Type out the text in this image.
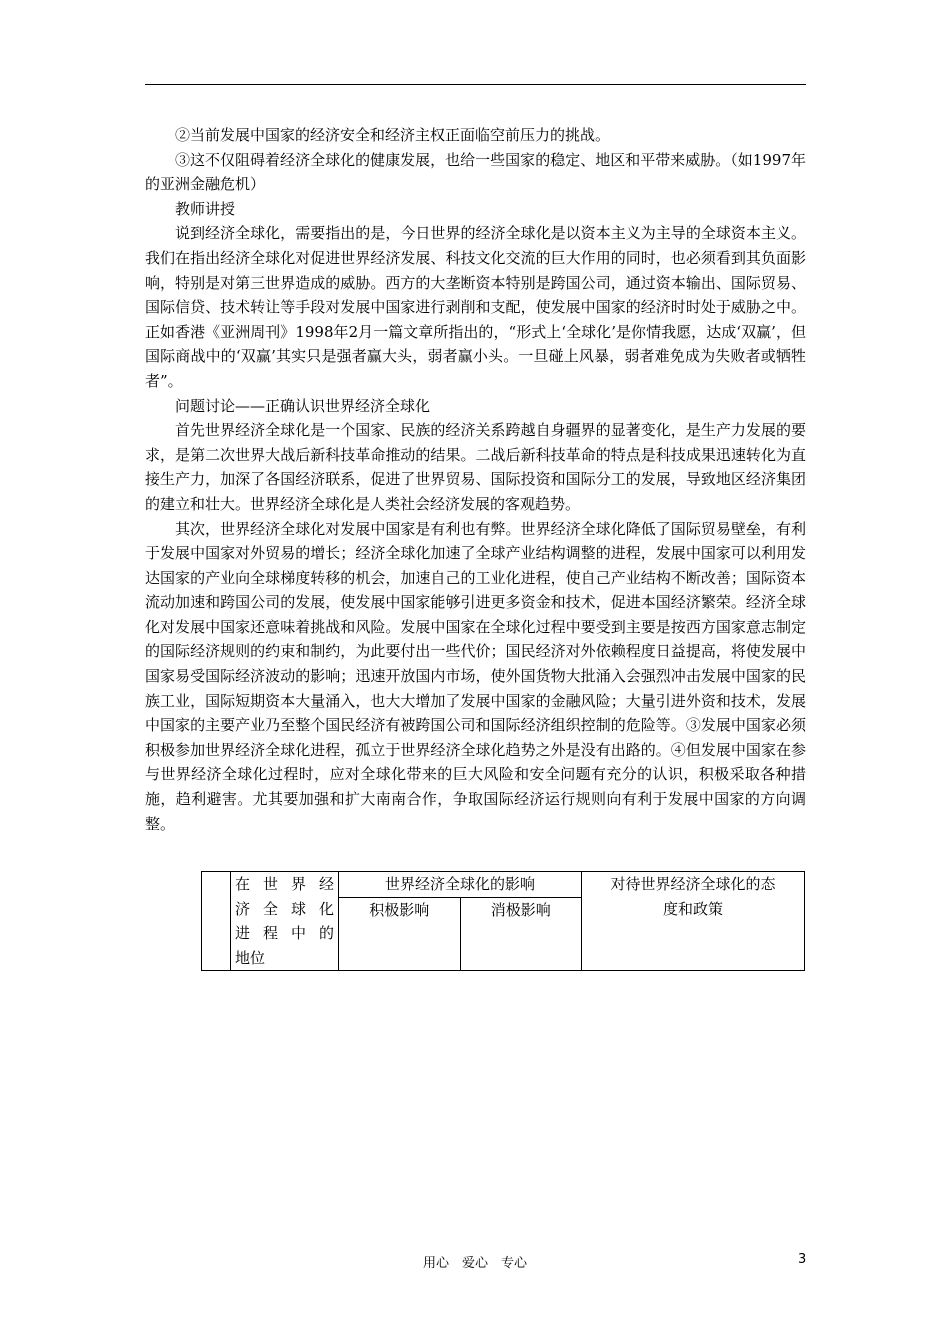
②当前发展中国家的经济安全和经济主权正面临空前压力的挑战。

③这不仅阻碍着经济全球化的健康发展，也给一些国家的稳定、地区和平带来威胁。（如1997年的亚洲金融危机）

教师讲授

说到经济全球化，需要指出的是，今日世界的经济全球化是以资本主义为主导的全球资本主义。我们在指出经济全球化对促进世界经济发展、科技文化交流的巨大作用的同时，也必须看到其负面影响，特别是对第三世界造成的威胁。西方的大垄断资本特别是跨国公司，通过资本输出、国际贸易、国际信贷、技术转让等手段对发展中国家进行剥削和支配，使发展中国家的经济时时处于威胁之中。正如香港《亚洲周刊》1998年2月一篇文章所指出的，“形式上‘全球化’是你情我愿，达成‘双赢’，但国际商战中的‘双赢’其实只是强者赢大头，弱者赢小头。一旦碰上风暴，弱者难免成为失败者或牺牲者”。

问题讨论——正确认识世界经济全球化

首先世界经济全球化是一个国家、民族的经济关系跨越自身疆界的显著变化，是生产力发展的要求，是第二次世界大战后新科技革命推动的结果。二战后新科技革命的特点是科技成果迅速转化为直接生产力，加深了各国经济联系，促进了世界贸易、国际投资和国际分工的发展，导致地区经济集团的建立和壮大。世界经济全球化是人类社会经济发展的客观趋势。

其次，世界经济全球化对发展中国家是有利也有弊。世界经济全球化降低了国际贸易壁垒，有利于发展中国家对外贸易的增长；经济全球化加速了全球产业结构调整的进程，发展中国家可以利用发达国家的产业向全球梯度转移的机会，加速自己的工业化进程，使自己产业结构不断改善；国际资本流动加速和跨国公司的发展，使发展中国家能够引进更多资金和技术，促进本国经济繁荣。经济全球化对发展中国家还意味着挑战和风险。发展中国家在全球化过程中要受到主要是按西方国家意志制定的国际经济规则的约束和制约，为此要付出一些代价；国民经济对外依赖程度日益提高，将使发展中国家易受国际经济波动的影响；迅速开放国内市场，使外国货物大批涌入会强烈冲击发展中国家的民族工业，国际短期资本大量涌入，也大大增加了发展中国家的金融风险；大量引进外资和技术，发展中国家的主要产业乃至整个国民经济有被跨国公司和国际经济组织控制的危险等。③发展中国家必须积极参加世界经济全球化进程，孤立于世界经济全球化趋势之外是没有出路的。④但发展中国家在参与世界经济全球化过程时，应对全球化带来的巨大风险和安全问题有充分的认识，积极采取各种措施，趋利避害。尤其要加强和扩大南南合作，争取国际经济运行规则向有利于发展中国家的方向调整。

	在世界经
济全球化
进程中的
地位	世界经济全球化的影响		对待世界经济全球化的态度和政策
		积极影响	消极影响	
用心　爱心　专心	3
